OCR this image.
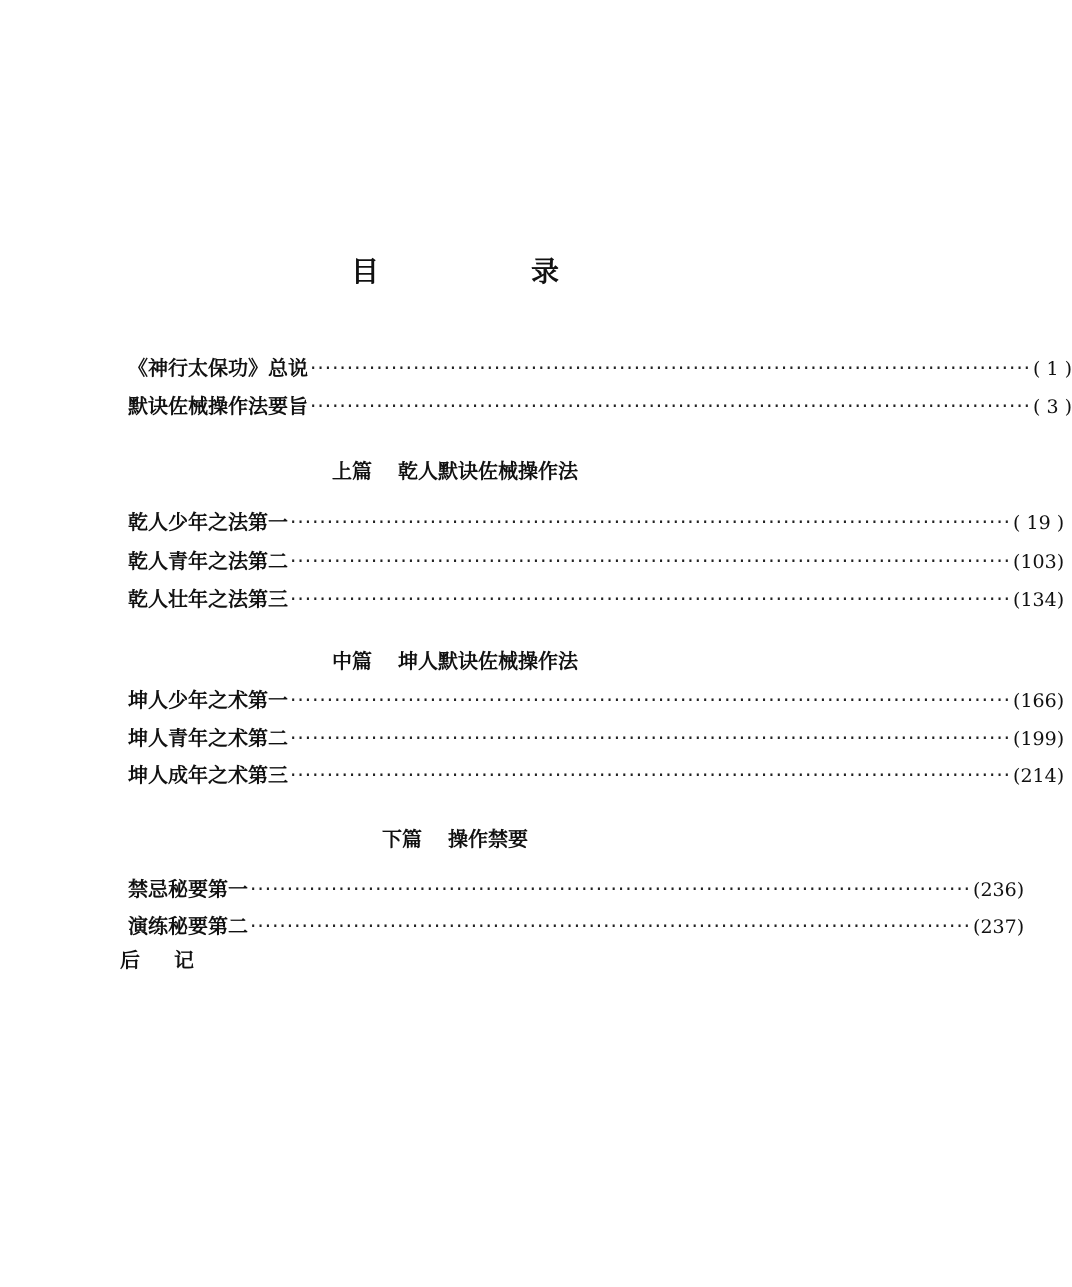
目　录
《神行太保功》总说 ·································································································· ( 1 )
默诀佐械操作法要旨 ·································································································· ( 3 )
上篇 乾人默诀佐械操作法
乾人少年之法第一 ·································································································· ( 19 )
乾人青年之法第二 ·································································································· (103)
乾人壮年之法第三 ·································································································· (134)
中篇 坤人默诀佐械操作法
坤人少年之术第一 ·································································································· (166)
坤人青年之术第二 ·································································································· (199)
坤人成年之术第三 ·································································································· (214)
下篇 操作禁要
禁忌秘要第一 ·································································································· (236)
演练秘要第二 ·································································································· (237)
后记
